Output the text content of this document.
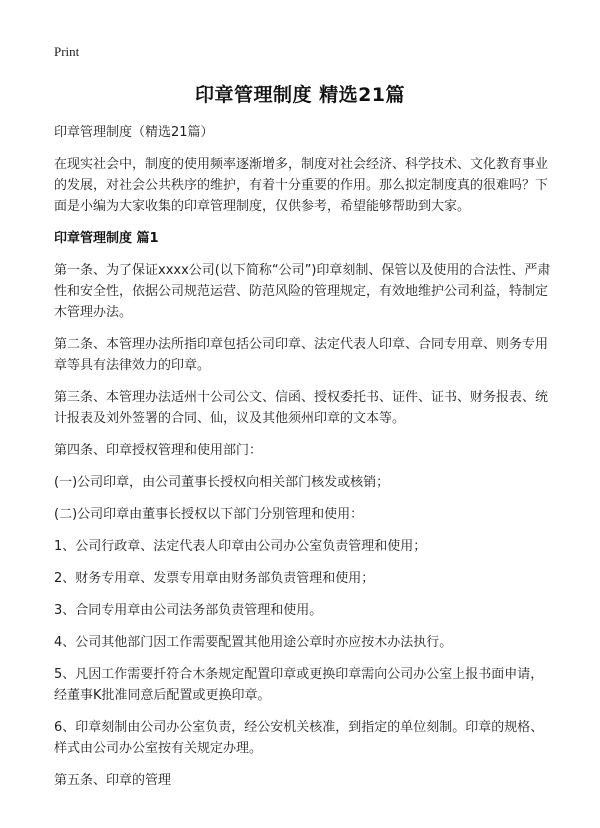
Print
印章管理制度 精选21篇

印章管理制度（精选21篇）

在现实社会中，制度的使用频率逐渐增多，制度对社会经济、科学技术、文化教育事业的发展，对社会公共秩序的维护，有着十分重要的作用。那么拟定制度真的很难吗？下面是小编为大家收集的印章管理制度，仅供参考，希望能够帮助到大家。

印章管理制度 篇1

第一条、为了保证xxxx公司(以下简称“公司”)印章刻制、保管以及使用的合法性、严肃性和安全性，依据公司规范运营、防范风险的管理规定，有效地维护公司利益，特制定木管理办法。

第二条、本管理办法所指印章包括公司印章、法定代表人印章、合同专用章、则务专用章等具有法律效力的印章。

第三条、本管理办法适州十公司公文、信函、授权委托书、证件、证书、财务报表、统计报表及刘外签署的合同、仙，议及其他须州印章的文本等。

第四条、印章授权管理和使用部门：

(一)公司印章，由公司董事长授权向相关部门核发或核销；

(二)公司印章由董事长授权以下部门分别管理和使用：

1、公司行政章、法定代表人印章由公司办公室负责管理和使用；

2、财务专用章、发票专用章由财务部负责管理和使用；

3、合同专用章由公司法务部负责管理和使用。

4、公司其他部门因工作需要配置其他用途公章时亦应按木办法执行。

5、凡因工作需要扦符合木条规定配置印章或更换印章需向公司办公室上报书面申请，经董事K批准同意后配置或更换印章。

6、印章刻制由公司办公室负责，经公安机关核准，到指定的单位刻制。印章的规格、样式由公司办公室按有关规定办理。

第五条、印章的管理
